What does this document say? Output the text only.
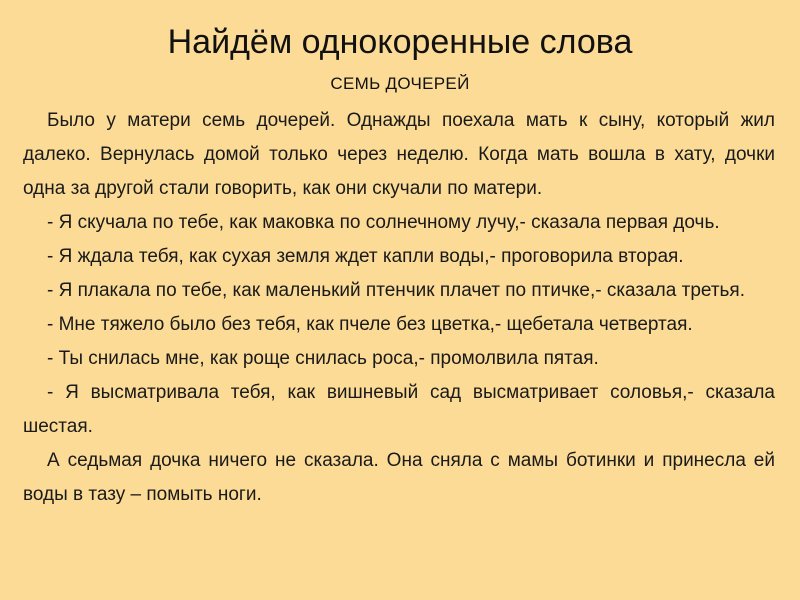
Найдём однокоренные слова
СЕМЬ ДОЧЕРЕЙ

Было у матери семь дочерей. Однажды поехала мать к сыну, который жил далеко. Вернулась домой только через неделю. Когда мать вошла в хату, дочки одна за другой стали говорить, как они скучали по матери.

- Я скучала по тебе, как маковка по солнечному лучу,- сказала первая дочь.

- Я ждала тебя, как сухая земля ждет капли воды,- проговорила вторая.

- Я плакала по тебе, как маленький птенчик плачет по птичке,- сказала третья.

- Мне тяжело было без тебя, как пчеле без цветка,- щебетала четвертая.

- Ты снилась мне, как роще снилась роса,- промолвила пятая.

- Я высматривала тебя, как вишневый сад высматривает соловья,- сказала шестая.

А седьмая дочка ничего не сказала. Она сняла с мамы ботинки и принесла ей воды в тазу – помыть ноги.
